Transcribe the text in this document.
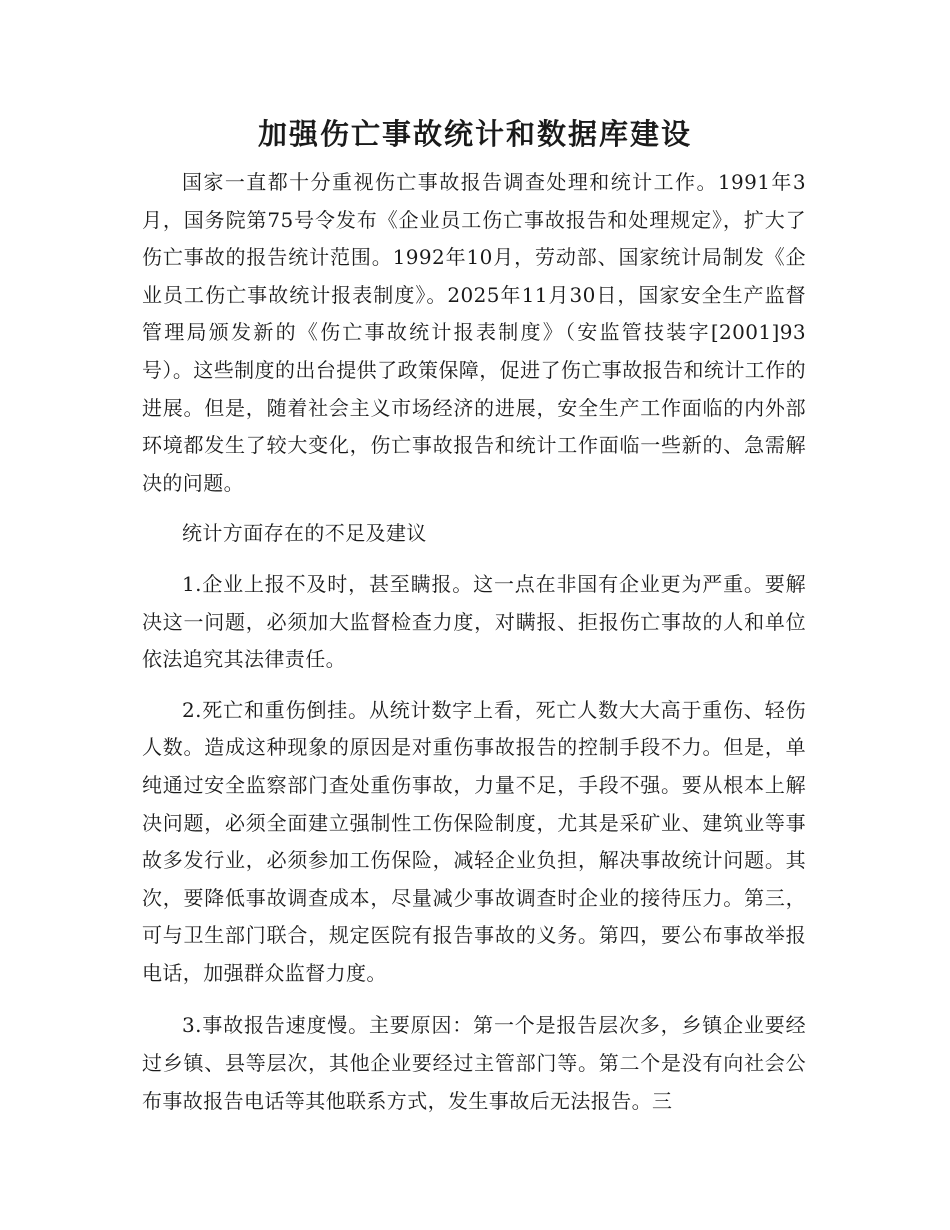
加强伤亡事故统计和数据库建设

国家一直都十分重视伤亡事故报告调查处理和统计工作。1991年3月，国务院第75号令发布《企业员工伤亡事故报告和处理规定》，扩大了伤亡事故的报告统计范围。1992年10月，劳动部、国家统计局制发《企业员工伤亡事故统计报表制度》。2025年11月30日，国家安全生产监督管理局颁发新的《伤亡事故统计报表制度》（安监管技装字[2001]93号）。这些制度的出台提供了政策保障，促进了伤亡事故报告和统计工作的进展。但是，随着社会主义市场经济的进展，安全生产工作面临的内外部环境都发生了较大变化，伤亡事故报告和统计工作面临一些新的、急需解决的问题。

统计方面存在的不足及建议

1.企业上报不及时，甚至瞒报。这一点在非国有企业更为严重。要解决这一问题，必须加大监督检查力度，对瞒报、拒报伤亡事故的人和单位依法追究其法律责任。

2.死亡和重伤倒挂。从统计数字上看，死亡人数大大高于重伤、轻伤人数。造成这种现象的原因是对重伤事故报告的控制手段不力。但是，单纯通过安全监察部门查处重伤事故，力量不足，手段不强。要从根本上解决问题，必须全面建立强制性工伤保险制度，尤其是采矿业、建筑业等事故多发行业，必须参加工伤保险，减轻企业负担，解决事故统计问题。其次，要降低事故调查成本，尽量减少事故调查时企业的接待压力。第三，可与卫生部门联合，规定医院有报告事故的义务。第四，要公布事故举报电话，加强群众监督力度。

3.事故报告速度慢。主要原因：第一个是报告层次多，乡镇企业要经过乡镇、县等层次，其他企业要经过主管部门等。第二个是没有向社会公布事故报告电话等其他联系方式，发生事故后无法报告。三
